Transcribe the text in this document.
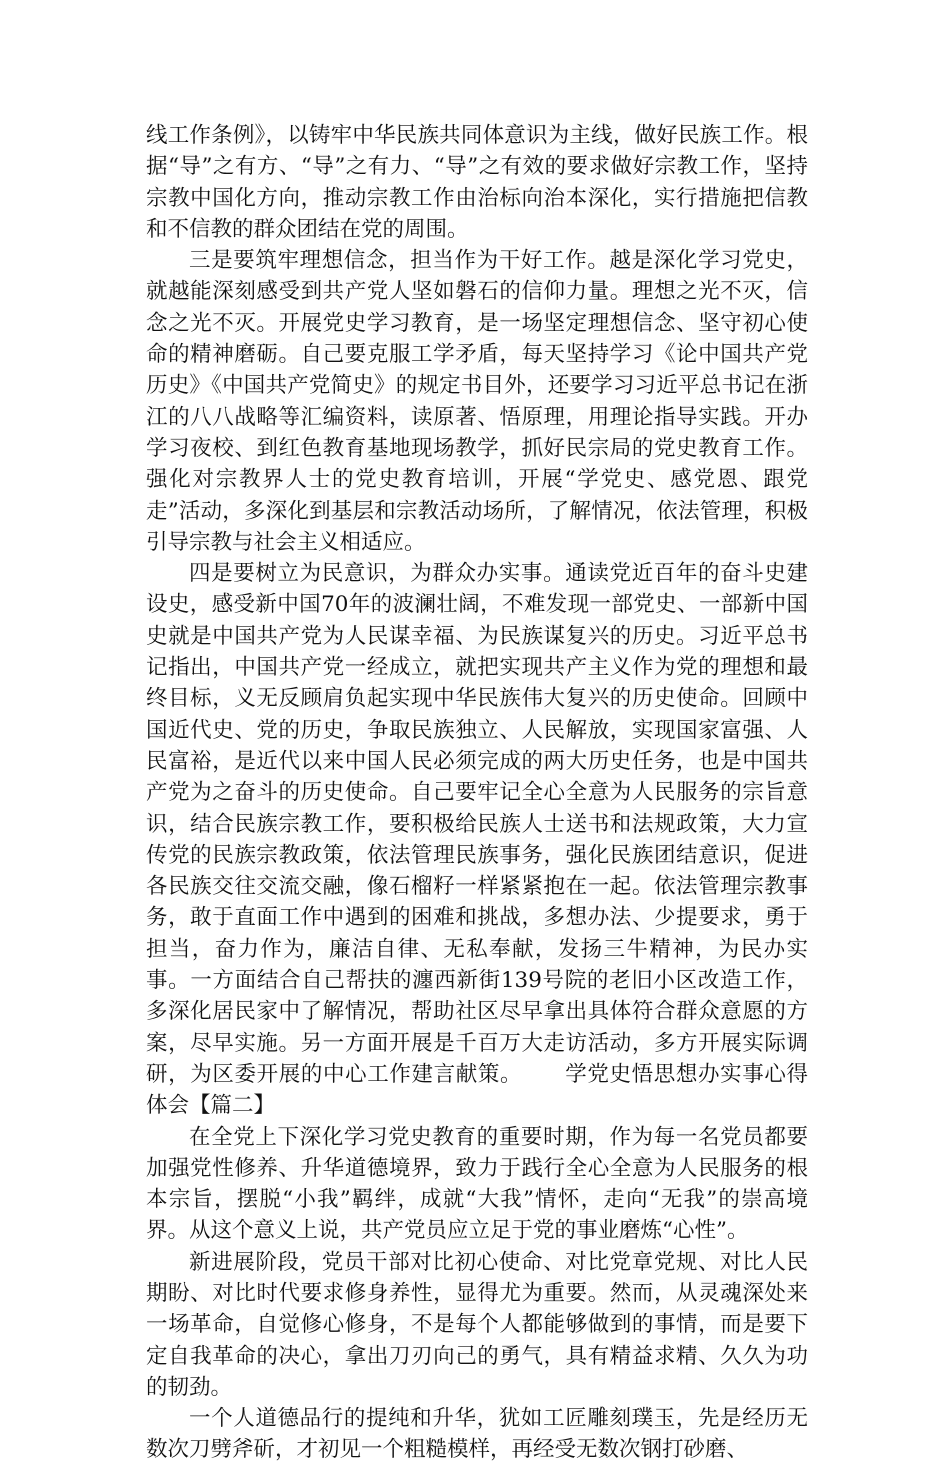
线工作条例》，以铸牢中华民族共同体意识为主线，做好民族工作。根据“导”之有方、“导”之有力、“导”之有效的要求做好宗教工作，坚持宗教中国化方向，推动宗教工作由治标向治本深化，实行措施把信教和不信教的群众团结在党的周围。

三是要筑牢理想信念，担当作为干好工作。越是深化学习党史，就越能深刻感受到共产党人坚如磐石的信仰力量。理想之光不灭，信念之光不灭。开展党史学习教育，是一场坚定理想信念、坚守初心使命的精神磨砺。自己要克服工学矛盾，每天坚持学习《论中国共产党历史》《中国共产党简史》的规定书目外，还要学习习近平总书记在浙江的八八战略等汇编资料，读原著、悟原理，用理论指导实践。开办学习夜校、到红色教育基地现场教学，抓好民宗局的党史教育工作。强化对宗教界人士的党史教育培训，开展“学党史、感党恩、跟党走”活动，多深化到基层和宗教活动场所，了解情况，依法管理，积极引导宗教与社会主义相适应。

四是要树立为民意识，为群众办实事。通读党近百年的奋斗史建设史，感受新中国70年的波澜壮阔，不难发现一部党史、一部新中国史就是中国共产党为人民谋幸福、为民族谋复兴的历史。习近平总书记指出，中国共产党一经成立，就把实现共产主义作为党的理想和最终目标，义无反顾肩负起实现中华民族伟大复兴的历史使命。回顾中国近代史、党的历史，争取民族独立、人民解放，实现国家富强、人民富裕，是近代以来中国人民必须完成的两大历史任务，也是中国共产党为之奋斗的历史使命。自己要牢记全心全意为人民服务的宗旨意识，结合民族宗教工作，要积极给民族人士送书和法规政策，大力宣传党的民族宗教政策，依法管理民族事务，强化民族团结意识，促进各民族交往交流交融，像石榴籽一样紧紧抱在一起。依法管理宗教事务，敢于直面工作中遇到的困难和挑战，多想办法、少提要求，勇于担当，奋力作为，廉洁自律、无私奉献，发扬三牛精神，为民办实事。一方面结合自己帮扶的瀍西新街139号院的老旧小区改造工作，多深化居民家中了解情况，帮助社区尽早拿出具体符合群众意愿的方案，尽早实施。另一方面开展是千百万大走访活动，多方开展实际调研，为区委开展的中心工作建言献策。 学党史悟思想办实事心得体会【篇二】

在全党上下深化学习党史教育的重要时期，作为每一名党员都要加强党性修养、升华道德境界，致力于践行全心全意为人民服务的根本宗旨，摆脱“小我”羁绊，成就“大我”情怀，走向“无我”的崇高境界。从这个意义上说，共产党员应立足于党的事业磨炼“心性”。

新进展阶段，党员干部对比初心使命、对比党章党规、对比人民期盼、对比时代要求修身养性，显得尤为重要。然而，从灵魂深处来一场革命，自觉修心修身，不是每个人都能够做到的事情，而是要下定自我革命的决心，拿出刀刃向己的勇气，具有精益求精、久久为功的韧劲。

一个人道德品行的提纯和升华，犹如工匠雕刻璞玉，先是经历无数次刀劈斧斫，才初见一个粗糙模样，再经受无数次钢打砂磨、
